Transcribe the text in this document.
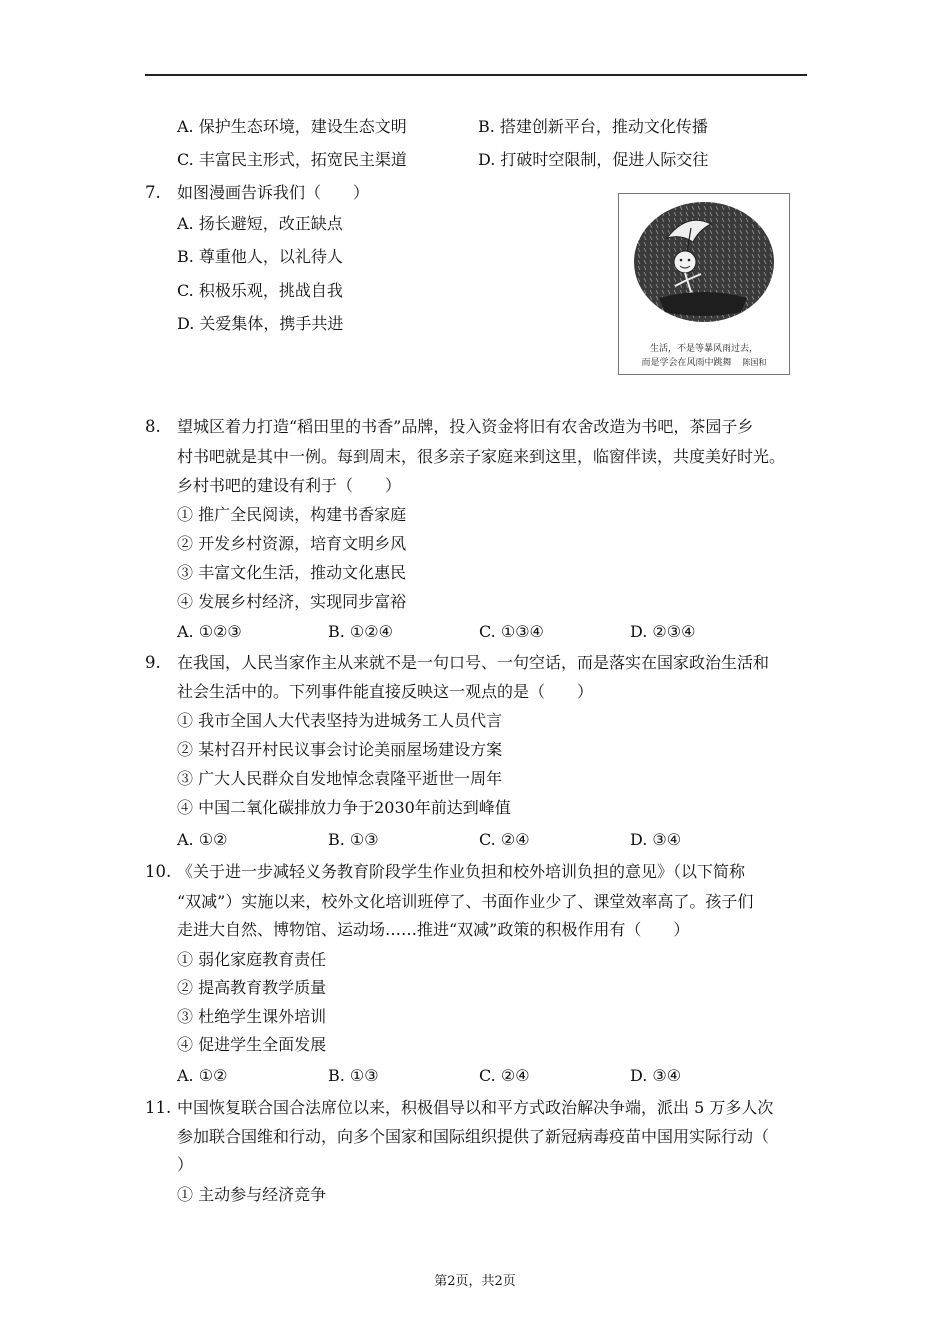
A. 保护生态环境，建设生态文明	B. 搭建创新平台，推动文化传播
C. 丰富民主形式，拓宽民主渠道	D. 打破时空限制，促进人际交往
7. 如图漫画告诉我们（　　）
A. 扬长避短，改正缺点
B. 尊重他人，以礼待人
C. 积极乐观，挑战自我
D. 关爱集体，携手共进
生活，不是等暴风雨过去，
而是学会在风雨中跳舞 陈国和
8. 望城区着力打造“稻田里的书香”品牌，投入资金将旧有农舍改造为书吧，茶园子乡
村书吧就是其中一例。每到周末，很多亲子家庭来到这里，临窗伴读，共度美好时光。
乡村书吧的建设有利于（　　）
① 推广全民阅读，构建书香家庭
② 开发乡村资源，培育文明乡风
③ 丰富文化生活，推动文化惠民
④ 发展乡村经济，实现同步富裕
A. ①②③	B. ①②④	C. ①③④	D. ②③④
9. 在我国，人民当家作主从来就不是一句口号、一句空话，而是落实在国家政治生活和
社会生活中的。下列事件能直接反映这一观点的是（　　）
① 我市全国人大代表坚持为进城务工人员代言
② 某村召开村民议事会讨论美丽屋场建设方案
③ 广大人民群众自发地悼念袁隆平逝世一周年
④ 中国二氧化碳排放力争于2030年前达到峰值
A. ①②	B. ①③	C. ②④	D. ③④
10. 《关于进一步减轻义务教育阶段学生作业负担和校外培训负担的意见》（以下简称
“双减”）实施以来，校外文化培训班停了、书面作业少了、课堂效率高了。孩子们
走进大自然、博物馆、运动场……推进“双减”政策的积极作用有（　　）
① 弱化家庭教育责任
② 提高教育教学质量
③ 杜绝学生课外培训
④ 促进学生全面发展
A. ①②	B. ①③	C. ②④	D. ③④
11. 中国恢复联合国合法席位以来，积极倡导以和平方式政治解决争端，派出 5 万多人次
参加联合国维和行动，向多个国家和国际组织提供了新冠病毒疫苗中国用实际行动（
）
① 主动参与经济竞争
第2页，共2页
